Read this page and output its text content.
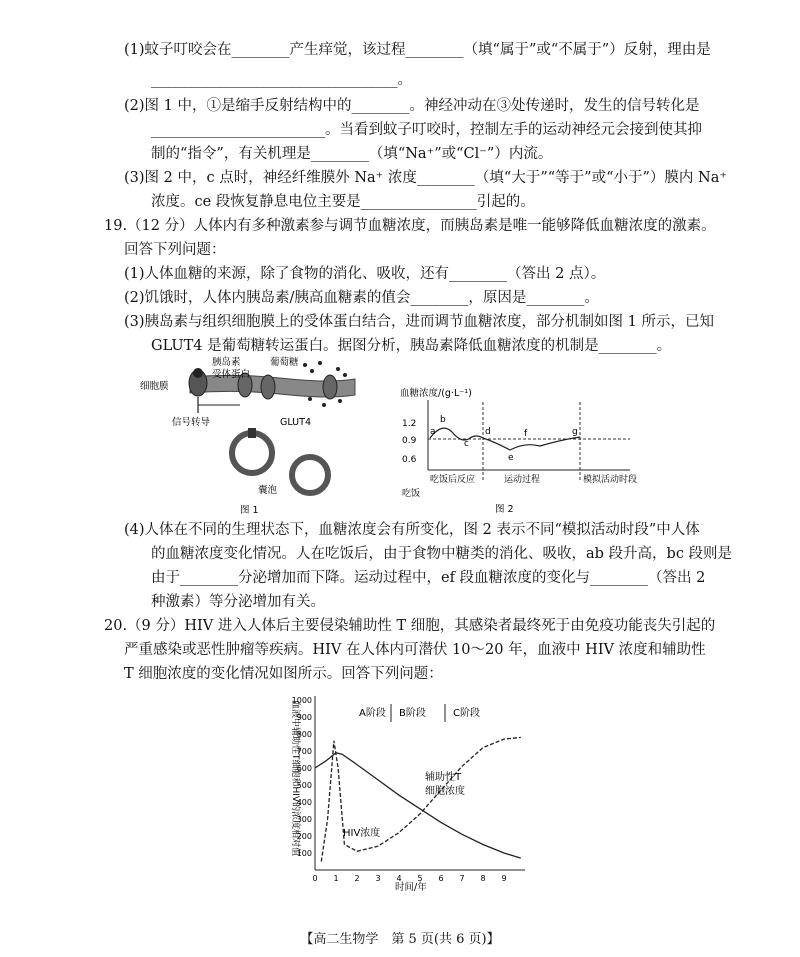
(1)蚊子叮咬会在________产生痒觉，该过程________（填“属于”或“不属于”）反射，理由是
__________________________________。
(2)图 1 中，①是缩手反射结构中的________。神经冲动在③处传递时，发生的信号转化是
________________________。当看到蚊子叮咬时，控制左手的运动神经元会接到使其抑
制的“指令”，有关机理是________（填“Na⁺”或“Cl⁻”）内流。
(3)图 2 中，c 点时，神经纤维膜外 Na⁺ 浓度________（填“大于”“等于”或“小于”）膜内 Na⁺
浓度。ce 段恢复静息电位主要是________________引起的。
19.（12 分）人体内有多种激素参与调节血糖浓度，而胰岛素是唯一能够降低血糖浓度的激素。
回答下列问题：
(1)人体血糖的来源，除了食物的消化、吸收，还有________（答出 2 点）。
(2)饥饿时，人体内胰岛素/胰高血糖素的值会________，原因是________。
(3)胰岛素与组织细胞膜上的受体蛋白结合，进而调节血糖浓度，部分机制如图 1 所示，已知
GLUT4 是葡萄糖转运蛋白。据图分析，胰岛素降低血糖浓度的机制是________。
胰岛素
受体蛋白
葡萄糖
细胞膜
信号转导	GLUT4
囊泡
图 1
血糖浓度/(g·L⁻¹)
1.2
0.9
0.6
a
b
c
d
e
f	g
吃饭后反应	运动过程	模拟活动时段
吃饭
图 2
(4)人体在不同的生理状态下，血糖浓度会有所变化，图 2 表示不同“模拟活动时段”中人体
的血糖浓度变化情况。人在吃饭后，由于食物中糖类的消化、吸收，ab 段升高，bc 段则是
由于________分泌增加而下降。运动过程中，ef 段血糖浓度的变化与________（答出 2
种激素）等分泌增加有关。
20.（9 分）HIV 进入人体后主要侵染辅助性 T 细胞，其感染者最终死于由免疫功能丧失引起的
严重感染或恶性肿瘤等疾病。HIV 在人体内可潜伏 10～20 年，血液中 HIV 浓度和辅助性
T 细胞浓度的变化情况如图所示。回答下列问题：
血液中辅助性T细胞和HIV的浓度相对值
100
200
300
400
500
600
700
800
900
1000
0 1 2 3 4 5 6 7 8 9
A阶段 B阶段	C阶段
辅助性T
细胞浓度
HIV浓度
时间/年
【高二生物学　第 5 页(共 6 页)】
